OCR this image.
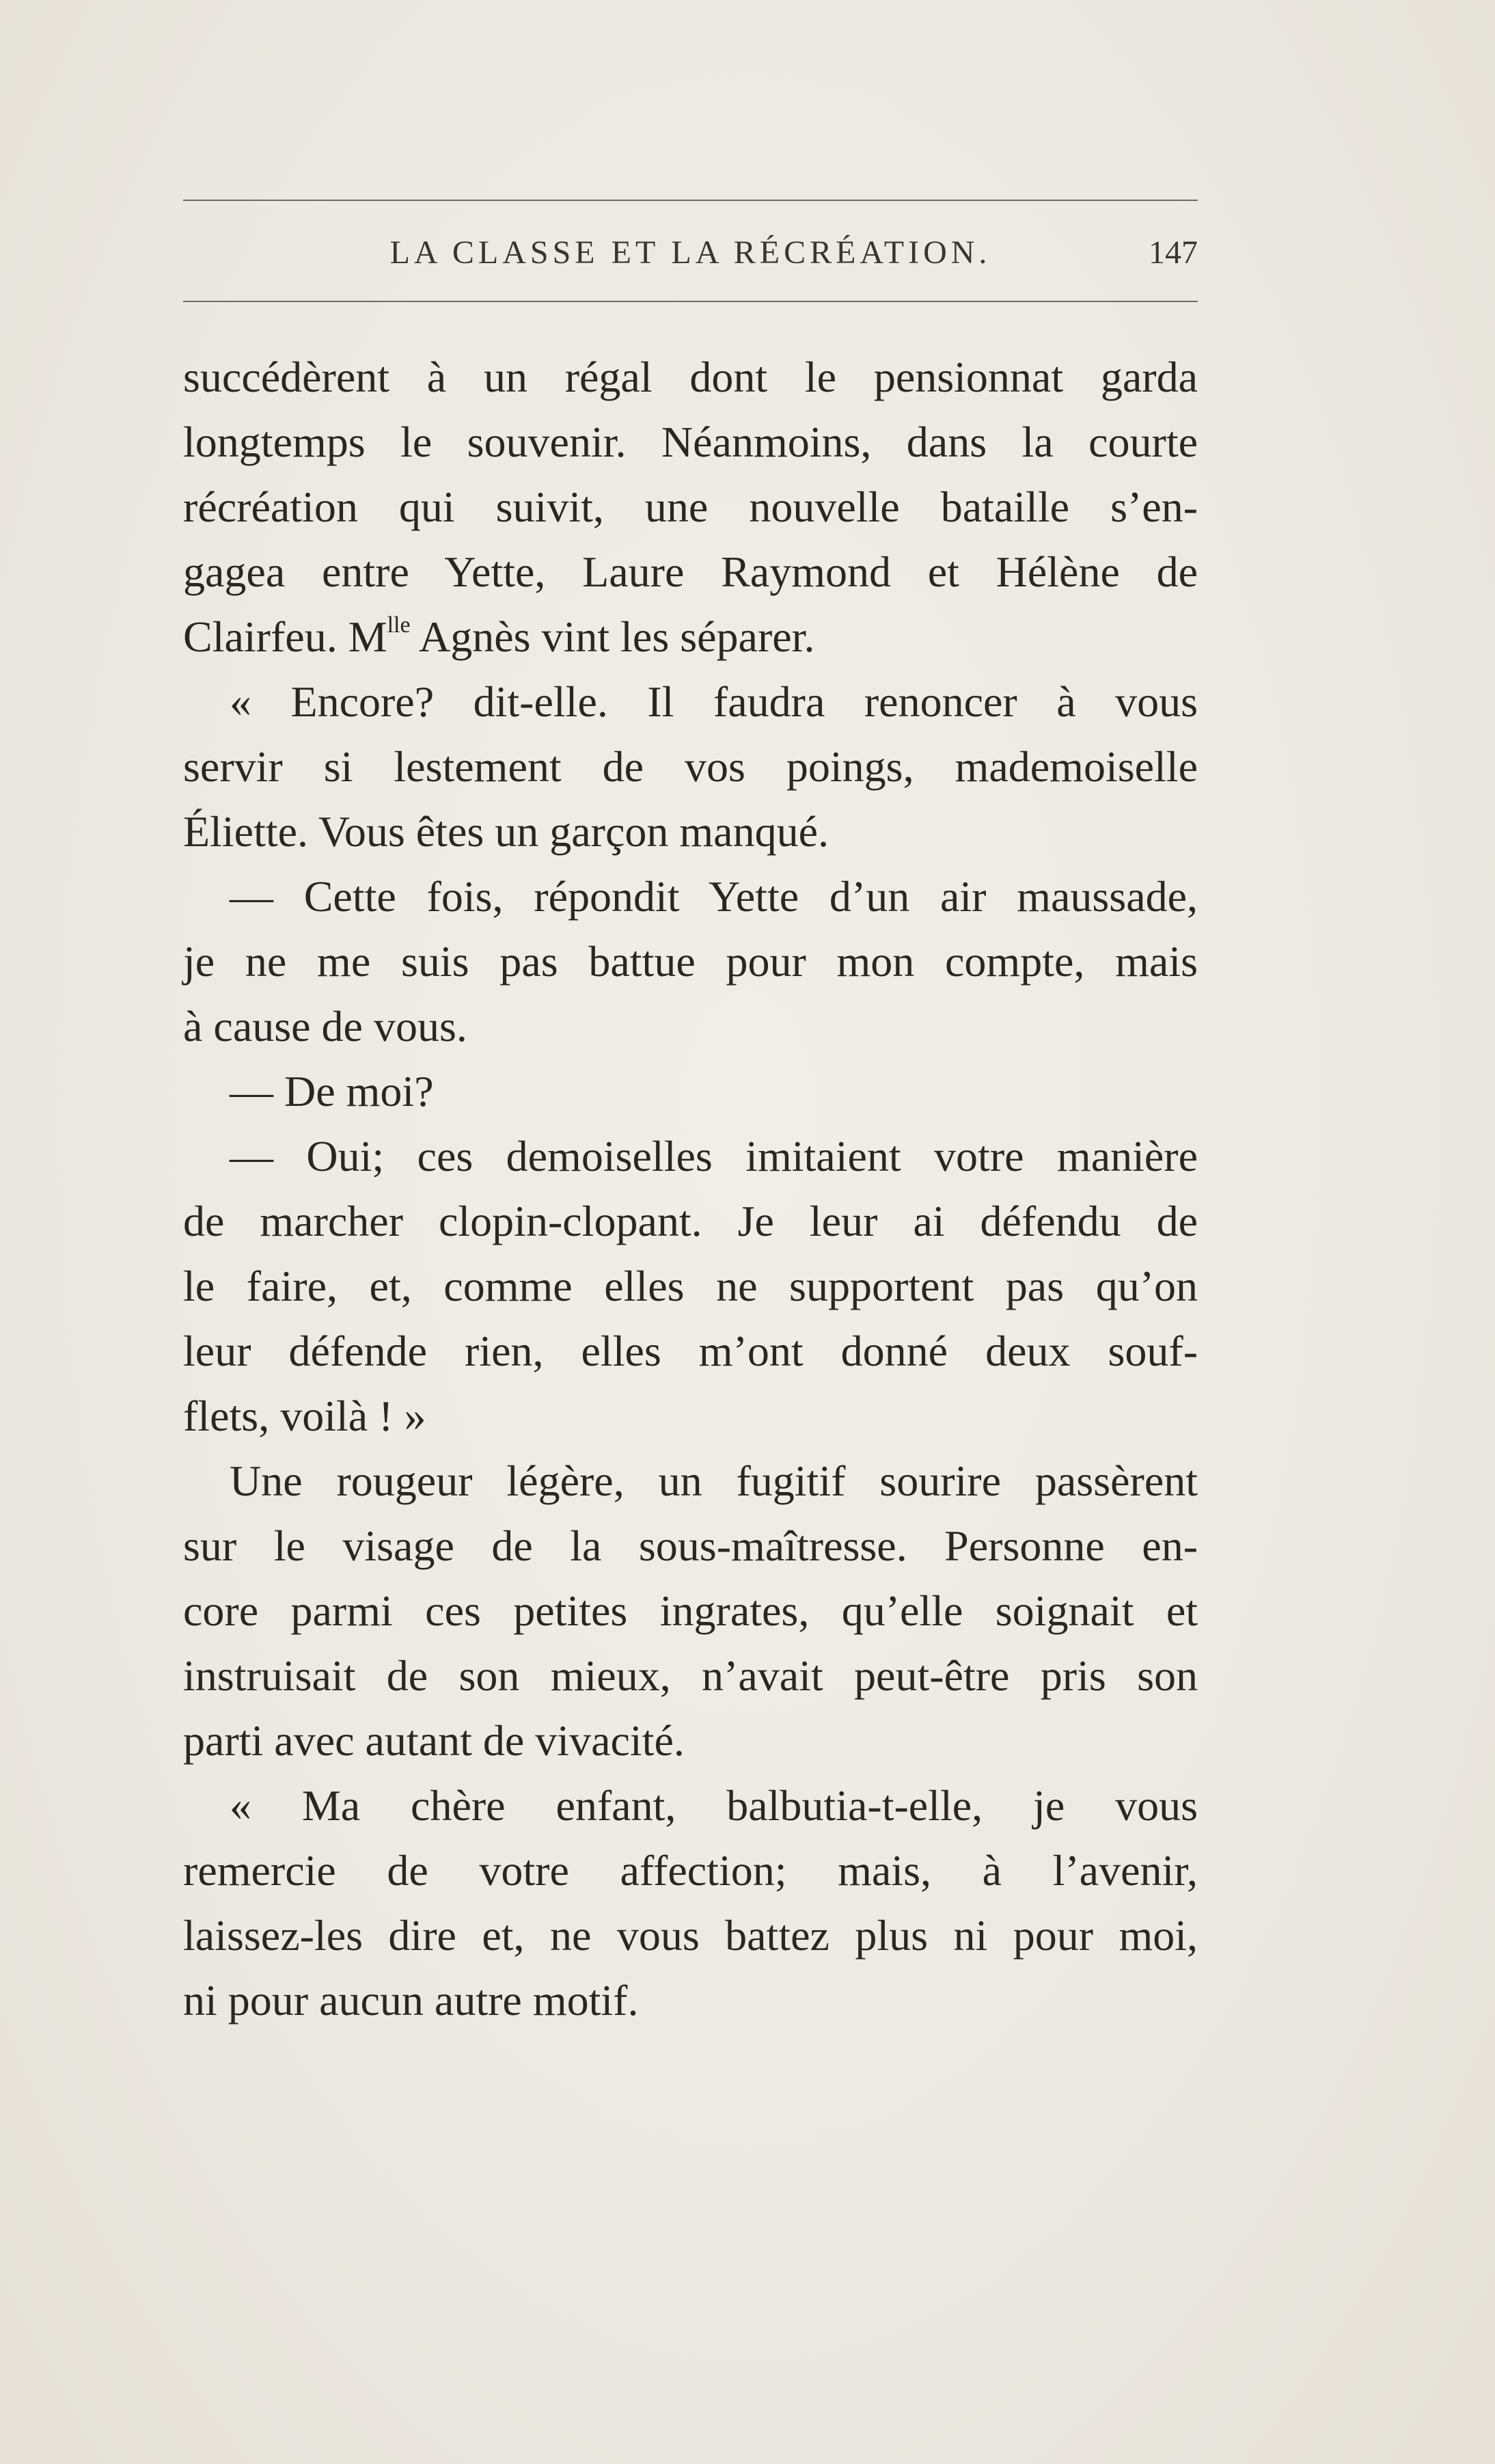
LA CLASSE ET LA RÉCRÉATION.	147
succédèrent à un régal dont le pensionnat garda
longtemps le souvenir. Néanmoins, dans la courte
récréation qui suivit, une nouvelle bataille s’en-
gagea entre Yette, Laure Raymond et Hélène de
Clairfeu. $M^{lle}$ Agnès vint les séparer.
« Encore? dit-elle. Il faudra renoncer à vous
servir si lestement de vos poings, mademoiselle
Éliette. Vous êtes un garçon manqué.
— Cette fois, répondit Yette d’un air maussade,
je ne me suis pas battue pour mon compte, mais
à cause de vous.
— De moi?
— Oui; ces demoiselles imitaient votre manière
de marcher clopin-clopant. Je leur ai défendu de
le faire, et, comme elles ne supportent pas qu’on
leur défende rien, elles m’ont donné deux souf-
flets, voilà ! »
Une rougeur légère, un fugitif sourire passèrent
sur le visage de la sous-maîtresse. Personne en-
core parmi ces petites ingrates, qu’elle soignait et
instruisait de son mieux, n’avait peut-être pris son
parti avec autant de vivacité.
« Ma chère enfant, balbutia-t-elle, je vous
remercie de votre affection; mais, à l’avenir,
laissez-les dire et, ne vous battez plus ni pour moi,
ni pour aucun autre motif.
